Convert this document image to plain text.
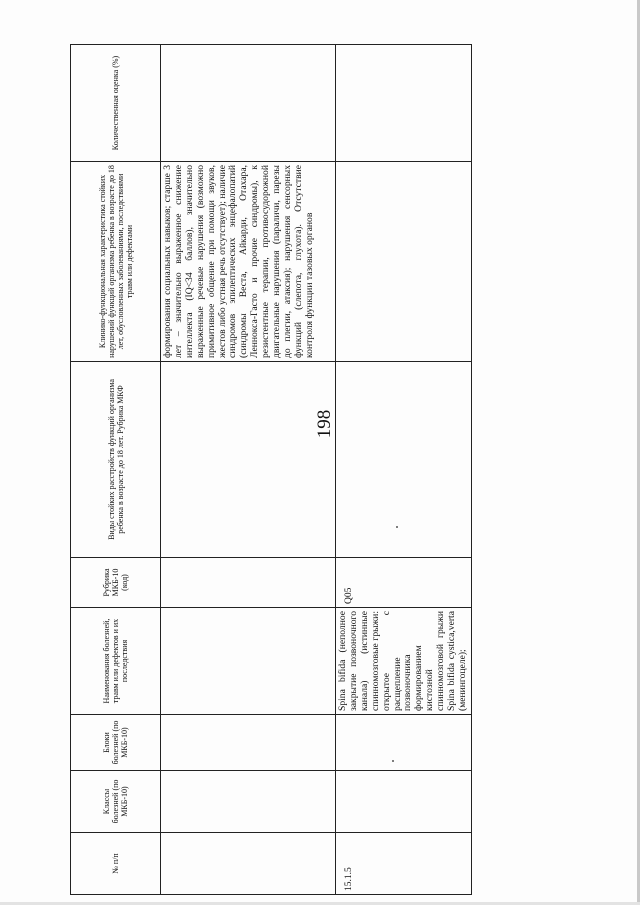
198
№ п/п	Классы болезней (по МКБ-10)	Блоки болезней (по МКБ-10)	Наименования болезней, травм или дефектов и их последствия	Рубрика МКБ-10 (код)	Виды стойких расстройств функций организма ребенка в возрасте до 18 лет. Рубрика МКФ	Клинико-функциональная характеристика стойких нарушений функций организма ребенка в возрасте до 18 лет, обусловленных заболеваниями, последствиями травм или дефектами	Количественная оценка (%)

						формирования социальных навыков; старше 3 лет – значительно выраженное снижение интеллекта (IQ<34 баллов), значительно выраженные речевые нарушения (возможно примитивное общение при помощи звуков, жестов либо устная речь отсутствует); наличие синдромов эпилептических энцефалопатий (синдромы Веста, Айкарди, Отахара, Леннокса-Гасто и прочие синдромы), к резистентные терапии, противосудорожной двигательные нарушения (параличи, парезы до плегии, атаксия); нарушения сенсорных функций (слепота, глухота). Отсутствие контроля функции тазовых органов	

15.1.5			Spina bifida (неполное закрытие позвоночного канала) (истинные спинномозговые грыжи: открытое с расщепление позвоночника формированием кистозной спинномозговой грыжи Spina bifida cystica,verta (менингоцеле);	Q05			
